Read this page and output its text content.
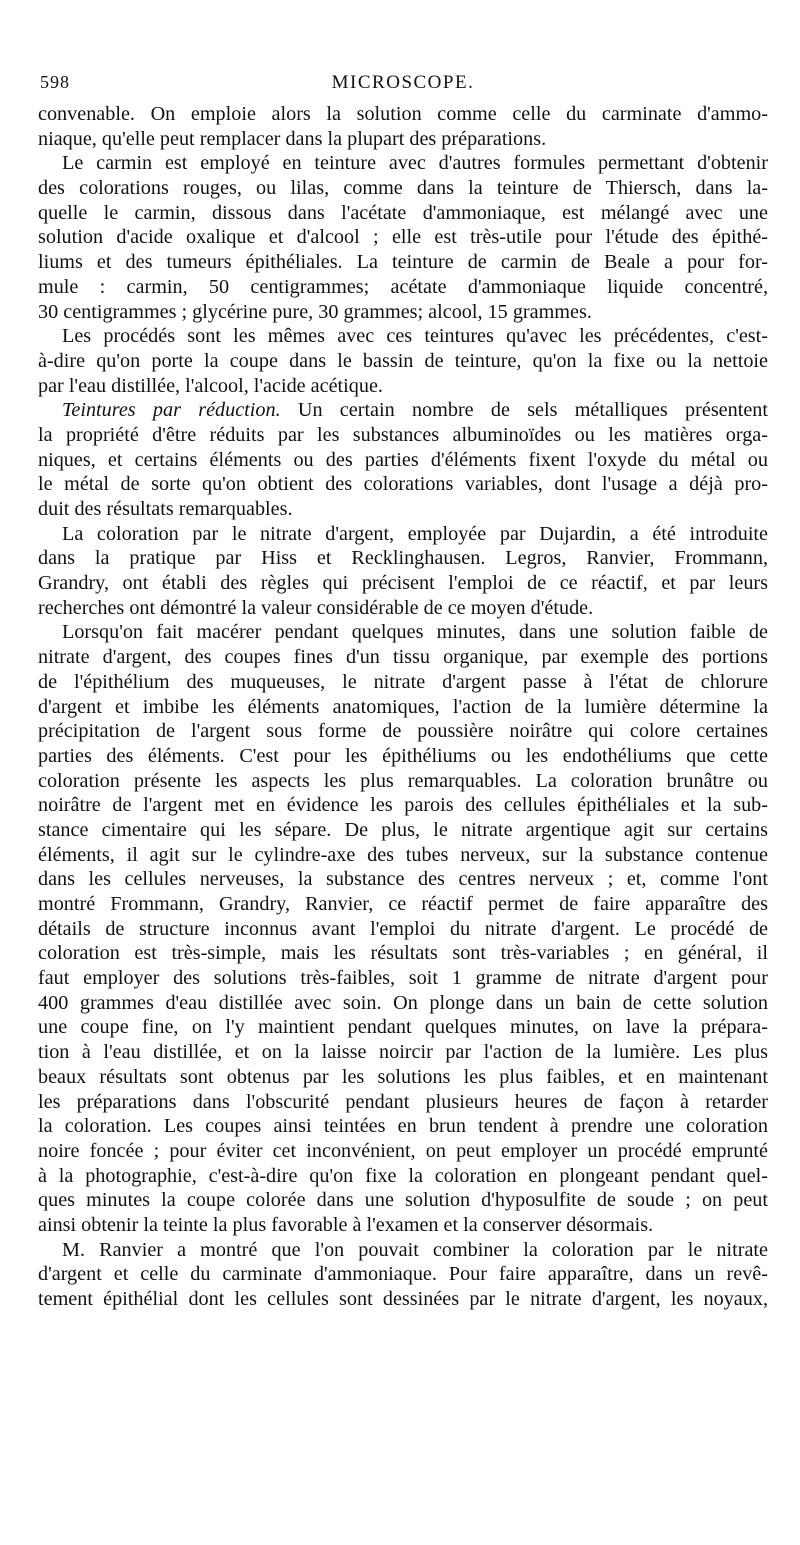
598	MICROSCOPE.
convenable. On emploie alors la solution comme celle du carminate d'ammo-
niaque, qu'elle peut remplacer dans la plupart des préparations.
Le carmin est employé en teinture avec d'autres formules permettant d'obtenir
des colorations rouges, ou lilas, comme dans la teinture de Thiersch, dans la-
quelle le carmin, dissous dans l'acétate d'ammoniaque, est mélangé avec une
solution d'acide oxalique et d'alcool ; elle est très-utile pour l'étude des épithé-
liums et des tumeurs épithéliales. La teinture de carmin de Beale a pour for-
mule : carmin, 50 centigrammes; acétate d'ammoniaque liquide concentré,
30 centigrammes ; glycérine pure, 30 grammes; alcool, 15 grammes.
Les procédés sont les mêmes avec ces teintures qu'avec les précédentes, c'est-
à-dire qu'on porte la coupe dans le bassin de teinture, qu'on la fixe ou la nettoie
par l'eau distillée, l'alcool, l'acide acétique.
Teintures par réduction. Un certain nombre de sels métalliques présentent
la propriété d'être réduits par les substances albuminoïdes ou les matières orga-
niques, et certains éléments ou des parties d'éléments fixent l'oxyde du métal ou
le métal de sorte qu'on obtient des colorations variables, dont l'usage a déjà pro-
duit des résultats remarquables.
La coloration par le nitrate d'argent, employée par Dujardin, a été introduite
dans la pratique par Hiss et Recklinghausen. Legros, Ranvier, Frommann,
Grandry, ont établi des règles qui précisent l'emploi de ce réactif, et par leurs
recherches ont démontré la valeur considérable de ce moyen d'étude.
Lorsqu'on fait macérer pendant quelques minutes, dans une solution faible de
nitrate d'argent, des coupes fines d'un tissu organique, par exemple des portions
de l'épithélium des muqueuses, le nitrate d'argent passe à l'état de chlorure
d'argent et imbibe les éléments anatomiques, l'action de la lumière détermine la
précipitation de l'argent sous forme de poussière noirâtre qui colore certaines
parties des éléments. C'est pour les épithéliums ou les endothéliums que cette
coloration présente les aspects les plus remarquables. La coloration brunâtre ou
noirâtre de l'argent met en évidence les parois des cellules épithéliales et la sub-
stance cimentaire qui les sépare. De plus, le nitrate argentique agit sur certains
éléments, il agit sur le cylindre-axe des tubes nerveux, sur la substance contenue
dans les cellules nerveuses, la substance des centres nerveux ; et, comme l'ont
montré Frommann, Grandry, Ranvier, ce réactif permet de faire apparaître des
détails de structure inconnus avant l'emploi du nitrate d'argent. Le procédé de
coloration est très-simple, mais les résultats sont très-variables ; en général, il
faut employer des solutions très-faibles, soit 1 gramme de nitrate d'argent pour
400 grammes d'eau distillée avec soin. On plonge dans un bain de cette solution
une coupe fine, on l'y maintient pendant quelques minutes, on lave la prépara-
tion à l'eau distillée, et on la laisse noircir par l'action de la lumière. Les plus
beaux résultats sont obtenus par les solutions les plus faibles, et en maintenant
les préparations dans l'obscurité pendant plusieurs heures de façon à retarder
la coloration. Les coupes ainsi teintées en brun tendent à prendre une coloration
noire foncée ; pour éviter cet inconvénient, on peut employer un procédé emprunté
à la photographie, c'est-à-dire qu'on fixe la coloration en plongeant pendant quel-
ques minutes la coupe colorée dans une solution d'hyposulfite de soude ; on peut
ainsi obtenir la teinte la plus favorable à l'examen et la conserver désormais.
M. Ranvier a montré que l'on pouvait combiner la coloration par le nitrate
d'argent et celle du carminate d'ammoniaque. Pour faire apparaître, dans un revê-
tement épithélial dont les cellules sont dessinées par le nitrate d'argent, les noyaux,
